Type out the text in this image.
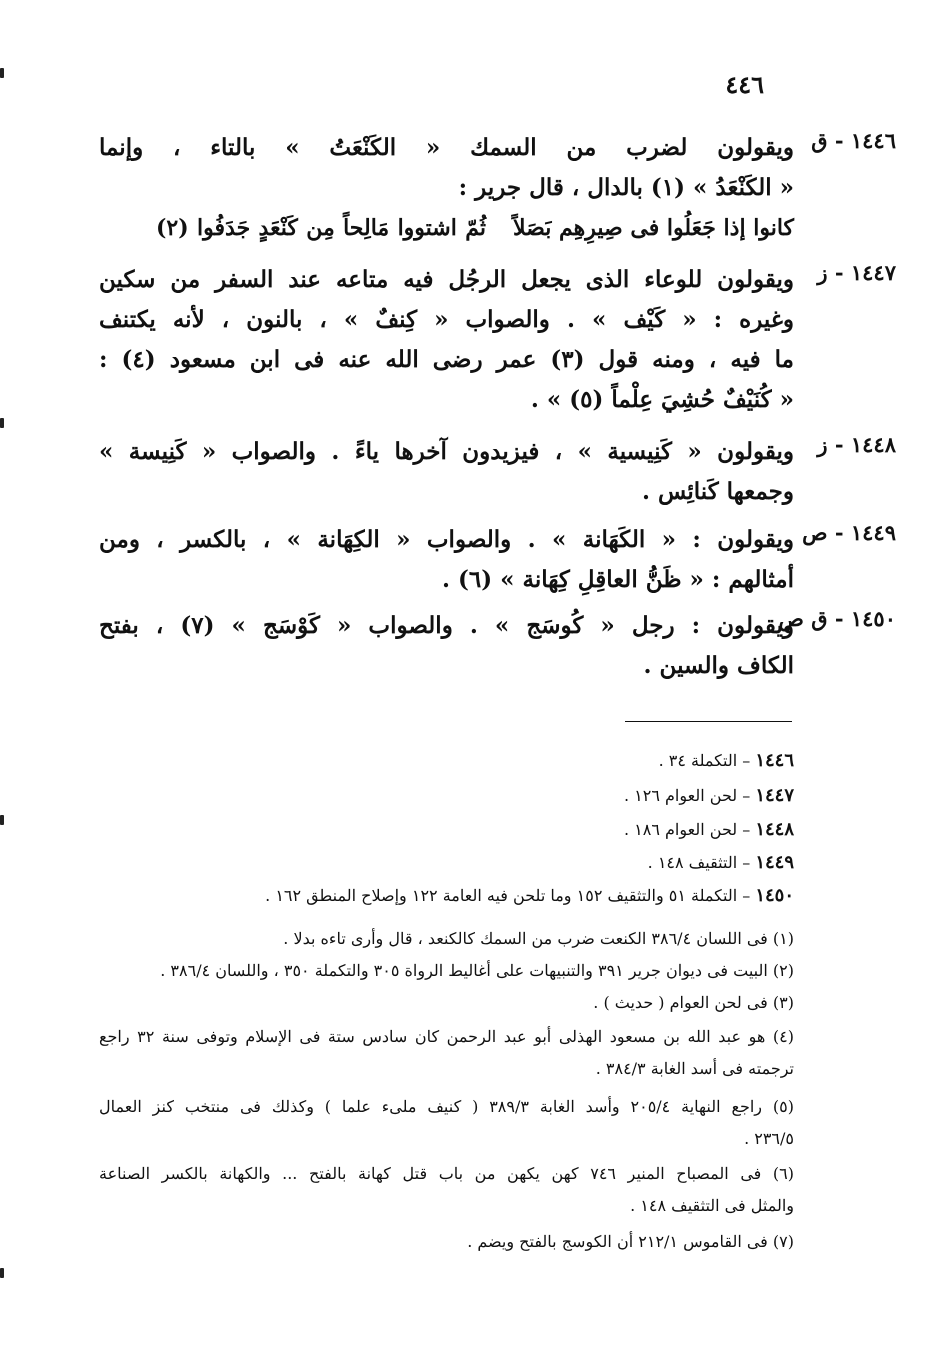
٤٤٦
١٤٤٦ - ق
ويقولون لضرب من السمك « الكَنْعَتُ » بالتاء ، وإنما
« الكَنْعَدُ » (١) بالدال ، قال جرير :
كانوا إذا جَعَلُوا فى صِيرِهِم بَصَلاًثُمّ اشتووا مَالِحاً مِن كَنْعَدٍ جَدَفُوا (٢)
١٤٤٧ - ز
ويقولون للوعاء الذى يجعل الرجُل فيه متاعه عند السفر من سكين
وغيره : « كَيْف » . والصواب « كِنفٌ » ، بالنون ، لأنه يكتنف
ما فيه ، ومنه قول (٣) عمر رضى الله عنه فى ابن مسعود (٤) :
« كُنَيْفٌ حُشِيَ عِلْماً (٥) » .
١٤٤٨ - ز
ويقولون « كَنِيسية » ، فيزيدون آخرها ياءً . والصواب « كَنِيسة »
وجمعها كَنائِس .
١٤٤٩ - ص
ويقولون : « الكَهَانة » . والصواب « الكِهَانة » ، بالكسر ، ومن
أمثالهم : « ظَنُّ العاقِلِ كِهَانة » (٦) .
١٤٥٠ - ق ص
ويقولون : رجل « كُوسَج » . والصواب « كَوْسَج » (٧) ، بفتح
الكاف والسين .
١٤٤٦ – التكملة ٣٤ .
١٤٤٧ – لحن العوام ١٢٦ .
١٤٤٨ – لحن العوام ١٨٦ .
١٤٤٩ – التثقيف ١٤٨ .
١٤٥٠ – التكملة ٥١ والتثقيف ١٥٢ وما تلحن فيه العامة ١٢٢ وإصلاح المنطق ١٦٢ .
(١) فى اللسان ٣٨٦/٤ الكنعت ضرب من السمك كالكنعد ، قال وأرى تاءه بدلا .
(٢) البيت فى ديوان جرير ٣٩١ والتنبيهات على أغاليط الرواة ٣٠٥ والتكملة ٣٥٠ ، واللسان ٣٨٦/٤ .
(٣) فى لحن العوام ( حديث ) .
(٤) هو عبد الله بن مسعود الهذلى أبو عبد الرحمن كان سادس ستة فى الإسلام وتوفى سنة ٣٢ راجع
ترجمته فى أسد الغابة ٣٨٤/٣ .
(٥) راجع النهاية ٢٠٥/٤ وأسد الغابة ٣٨٩/٣ ( كنيف ملىء علما ) وكذلك فى منتخب كنز العمال
٢٣٦/٥ .
(٦) فى المصباح المنير ٧٤٦ كهن يكهن من باب قتل كهانة بالفتح ... والكهانة بالكسر الصناعة
والمثل فى التثقيف ١٤٨ .
(٧) فى القاموس ٢١٢/١ أن الكوسج بالفتح ويضم .
